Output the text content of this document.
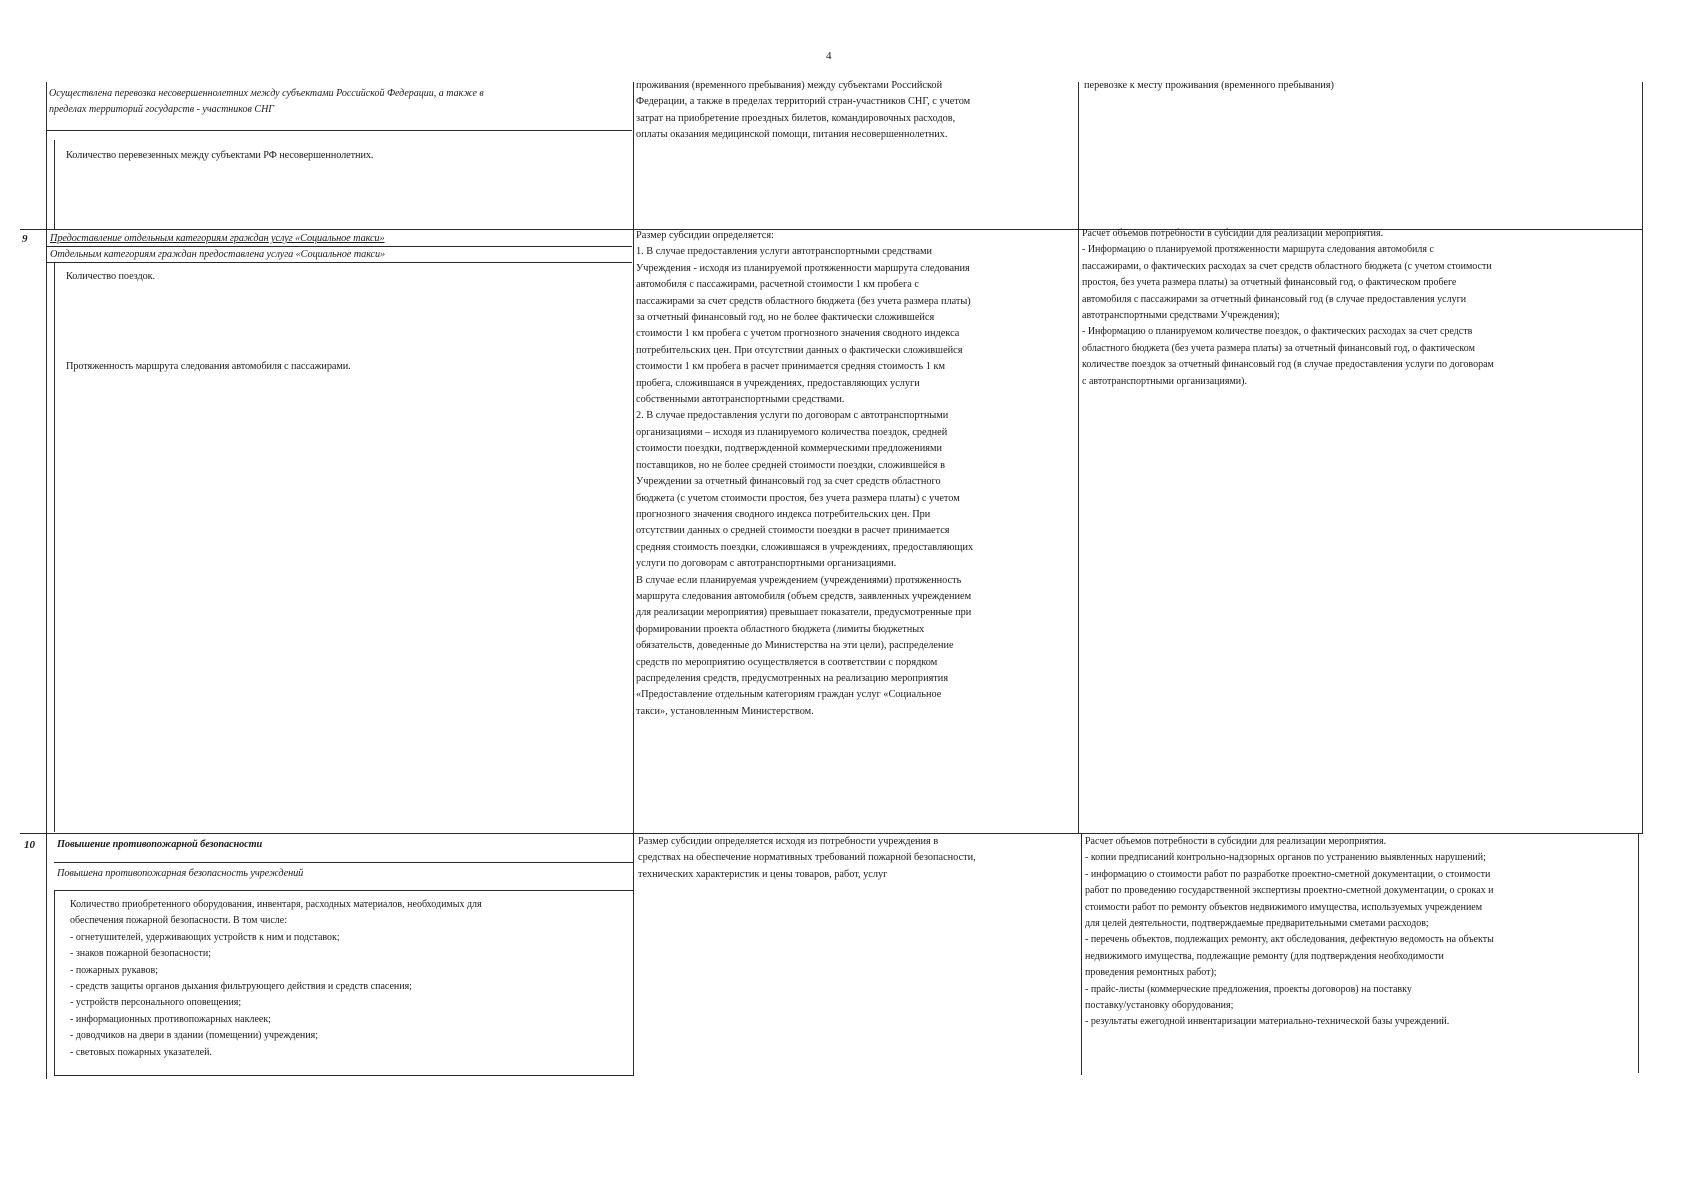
4
Осуществлена перевозка несовершеннолетних между субъектами Российской Федерации, а также в
пределах территорий государств - участников СНГ
Количество перевезенных между субъектами РФ несовершеннолетних.
проживания (временного пребывания) между субъектами Российской
Федерации, а также в пределах территорий стран-участников СНГ, с учетом
затрат на приобретение проездных билетов, командировочных расходов,
оплаты оказания медицинской помощи, питания несовершеннолетних.
перевозке к месту проживания (временного пребывания)
9 Предоставление отдельным категориям граждан услуг «Социальное такси»
Отдельным категориям граждан предоставлена услуга «Социальное такси»
Количество поездок.
Протяженность маршрута следования автомобиля с пассажирами.
Размер субсидии определяется:
1. В случае предоставления услуги автотранспортными средствами
Учреждения - исходя из планируемой протяженности маршрута следования
автомобиля с пассажирами, расчетной стоимости 1 км пробега с
пассажирами за счет средств областного бюджета (без учета размера платы)
за отчетный финансовый год, но не более фактически сложившейся
стоимости 1 км пробега с учетом прогнозного значения сводного индекса
потребительских цен. При отсутствии данных о фактически сложившейся
стоимости 1 км пробега в расчет принимается средняя стоимость 1 км
пробега, сложившаяся в учреждениях, предоставляющих услуги
собственными автотранспортными средствами.
2. В случае предоставления услуги по договорам с автотранспортными
организациями – исходя из планируемого количества поездок, средней
стоимости поездки, подтвержденной коммерческими предложениями
поставщиков, но не более средней стоимости поездки, сложившейся в
Учреждении за отчетный финансовый год за счет средств областного
бюджета (с учетом стоимости простоя, без учета размера платы) с учетом
прогнозного значения сводного индекса потребительских цен. При
отсутствии данных о средней стоимости поездки в расчет принимается
средняя стоимость поездки, сложившаяся в учреждениях, предоставляющих
услуги по договорам с автотранспортными организациями.
В случае если планируемая учреждением (учреждениями) протяженность
маршрута следования автомобиля (объем средств, заявленных учреждением
для реализации мероприятия) превышает показатели, предусмотренные при
формировании проекта областного бюджета (лимиты бюджетных
обязательств, доведенные до Министерства на эти цели), распределение
средств по мероприятию осуществляется в соответствии с порядком
распределения средств, предусмотренных на реализацию мероприятия
«Предоставление отдельным категориям граждан услуг «Социальное
такси», установленным Министерством.
Расчет объемов потребности в субсидии для реализации мероприятия.
- Информацию о планируемой протяженности маршрута следования автомобиля с
пассажирами, о фактических расходах за счет средств областного бюджета (с учетом стоимости
простоя, без учета размера платы) за отчетный финансовый год, о фактическом пробеге
автомобиля с пассажирами за отчетный финансовый год (в случае предоставления услуги
автотранспортными средствами Учреждения);
- Информацию о планируемом количестве поездок, о фактических расходах за счет средств
областного бюджета (без учета размера платы) за отчетный финансовый год, о фактическом
количестве поездок за отчетный финансовый год (в случае предоставления услуги по договорам
с автотранспортными организациями).
10 Повышение противопожарной безопасности
Повышена противопожарная безопасность учреждений
Количество приобретенного оборудования, инвентаря, расходных материалов, необходимых для
обеспечения пожарной безопасности. В том числе:
- огнетушителей, удерживающих устройств к ним и подставок;
- знаков пожарной безопасности;
- пожарных рукавов;
- средств защиты органов дыхания фильтрующего действия и средств спасения;
- устройств персонального оповещения;
- информационных противопожарных наклеек;
- доводчиков на двери в здании (помещении) учреждения;
- световых пожарных указателей.
Размер субсидии определяется исходя из потребности учреждения в
средствах на обеспечение нормативных требований пожарной безопасности,
технических характеристик и цены товаров, работ, услуг
Расчет объемов потребности в субсидии для реализации мероприятия.
- копии предписаний контрольно-надзорных органов по устранению выявленных нарушений;
- информацию о стоимости работ по разработке проектно-сметной документации, о стоимости
работ по проведению государственной экспертизы проектно-сметной документации, о сроках и
стоимости работ по ремонту объектов недвижимого имущества, используемых учреждением
для целей деятельности, подтверждаемые предварительными сметами расходов;
- перечень объектов, подлежащих ремонту, акт обследования, дефектную ведомость на объекты
недвижимого имущества, подлежащие ремонту (для подтверждения необходимости
проведения ремонтных работ);
- прайс-листы (коммерческие предложения, проекты договоров) на поставку
поставку/установку оборудования;
- результаты ежегодной инвентаризации материально-технической базы учреждений.
